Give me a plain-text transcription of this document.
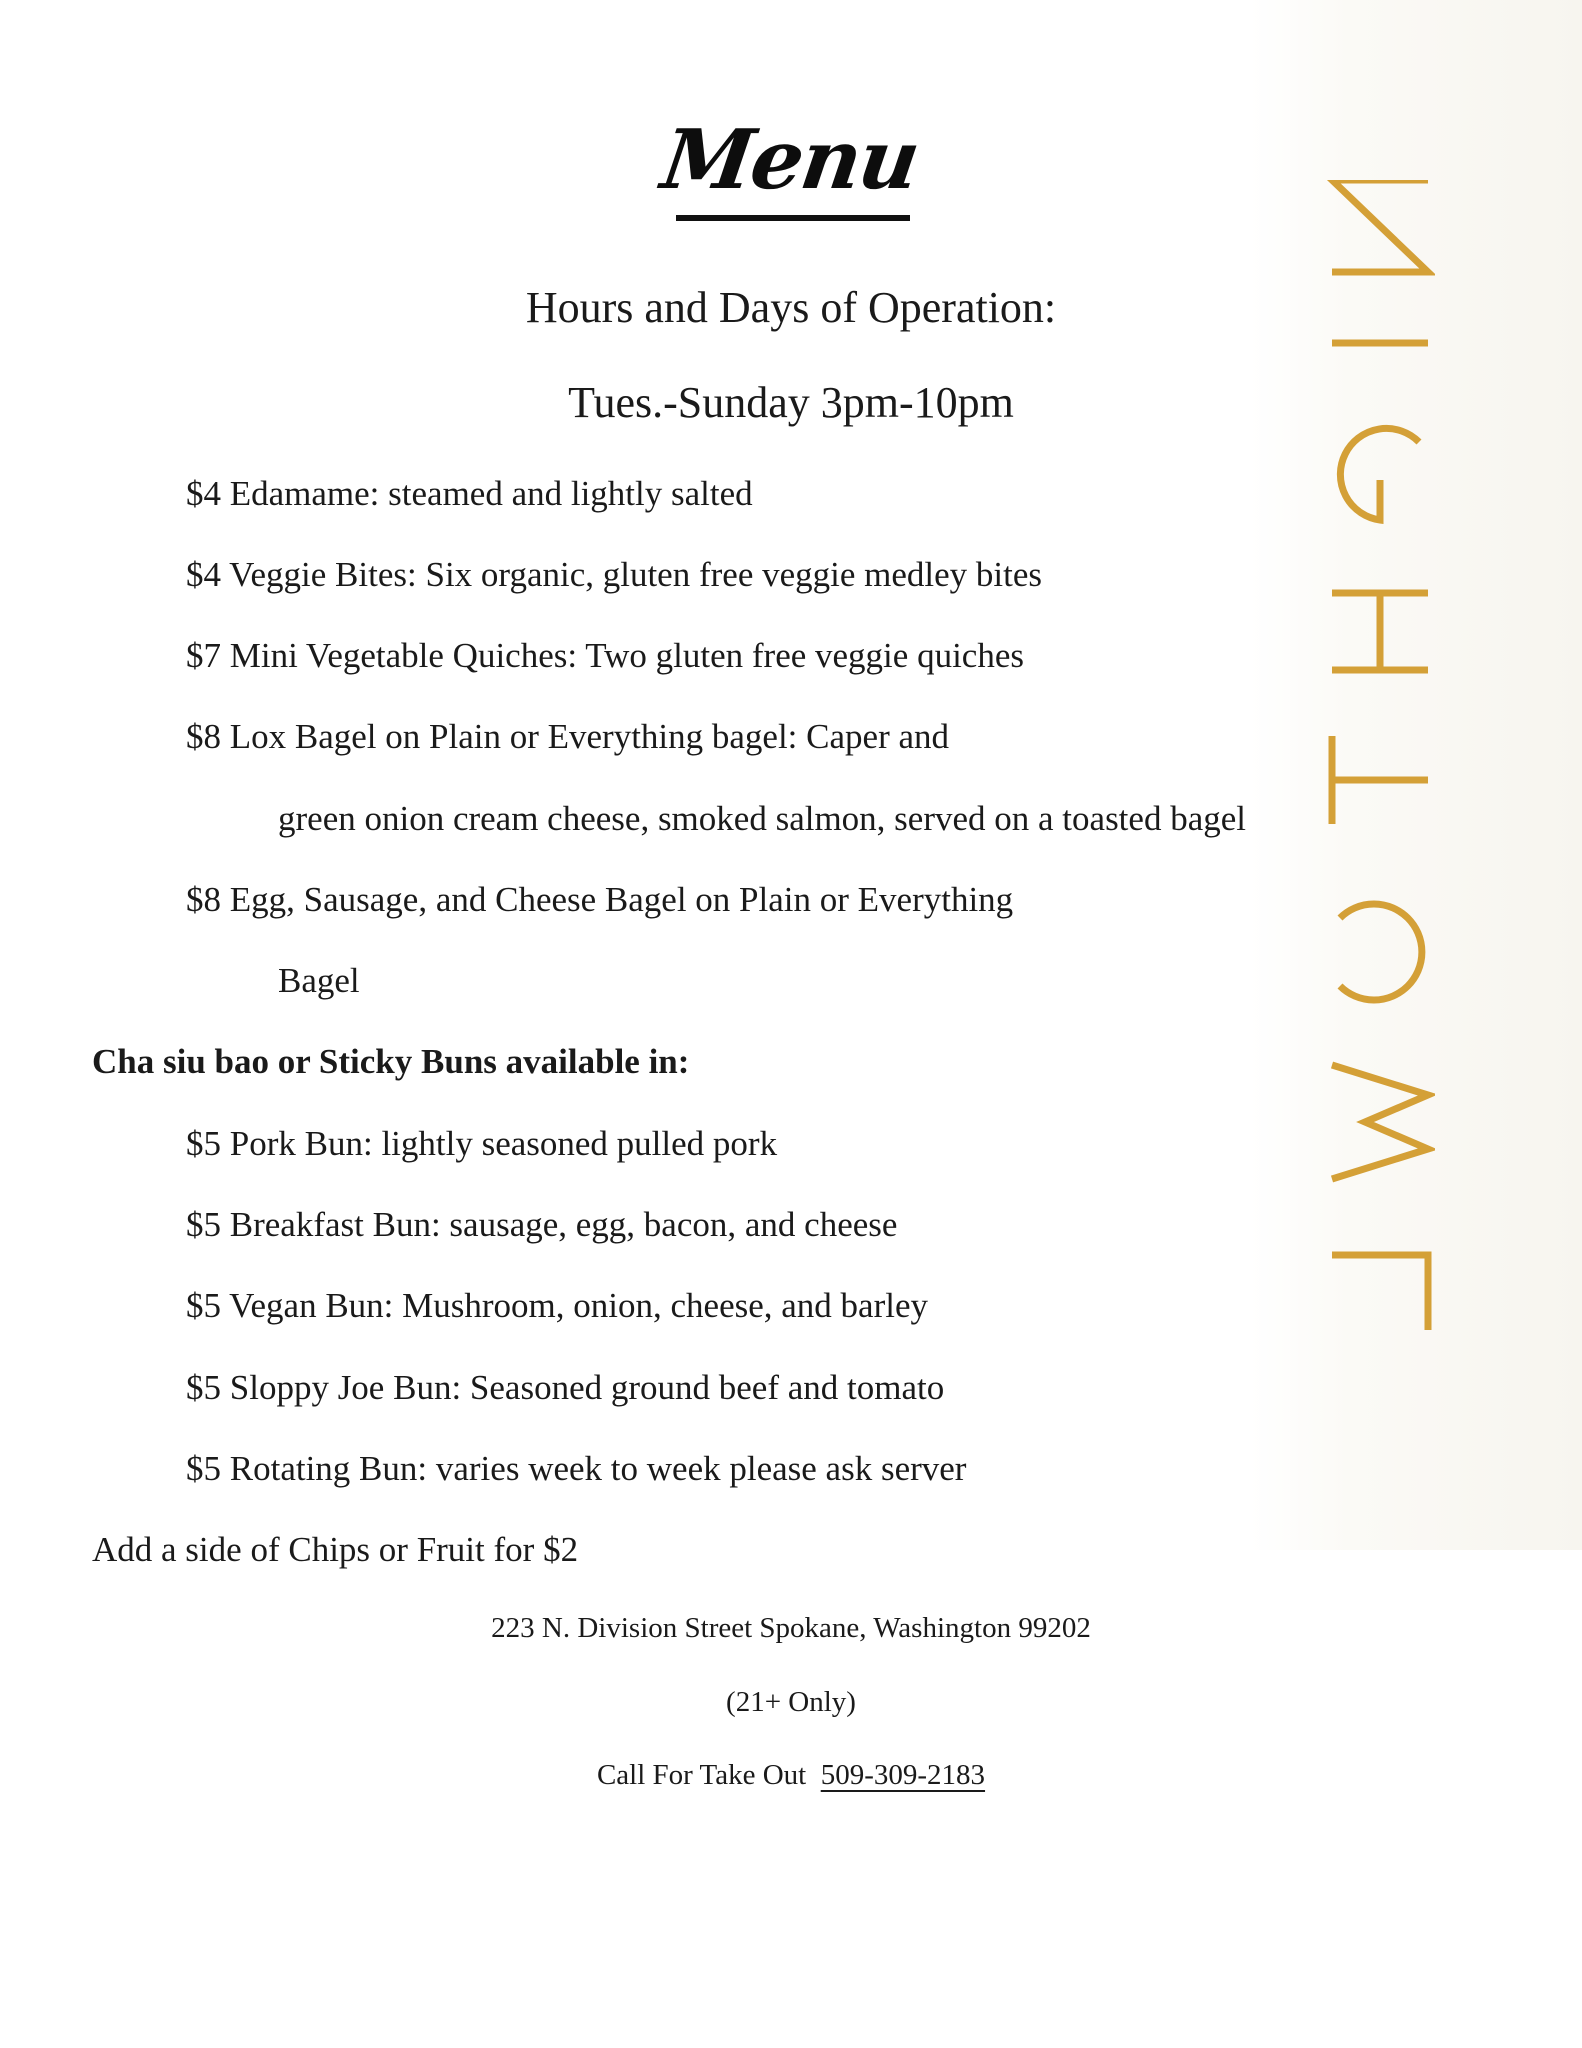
Menu
Hours and Days of Operation:
Tues.-Sunday 3pm-10pm
$4 Edamame: steamed and lightly salted
$4 Veggie Bites: Six organic, gluten free veggie medley bites
$7 Mini Vegetable Quiches: Two gluten free veggie quiches
$8 Lox Bagel on Plain or Everything bagel: Caper and
green onion cream cheese, smoked salmon, served on a toasted bagel
$8 Egg, Sausage, and Cheese Bagel on Plain or Everything
Bagel
Cha siu bao or Sticky Buns available in:
$5 Pork Bun: lightly seasoned pulled pork
$5 Breakfast Bun: sausage, egg, bacon, and cheese
$5 Vegan Bun: Mushroom, onion, cheese, and barley
$5 Sloppy Joe Bun: Seasoned ground beef and tomato
$5 Rotating Bun: varies week to week please ask server
Add a side of Chips or Fruit for $2
223 N. Division Street Spokane, Washington 99202
(21+ Only)
Call For Take Out 509-309-2183
